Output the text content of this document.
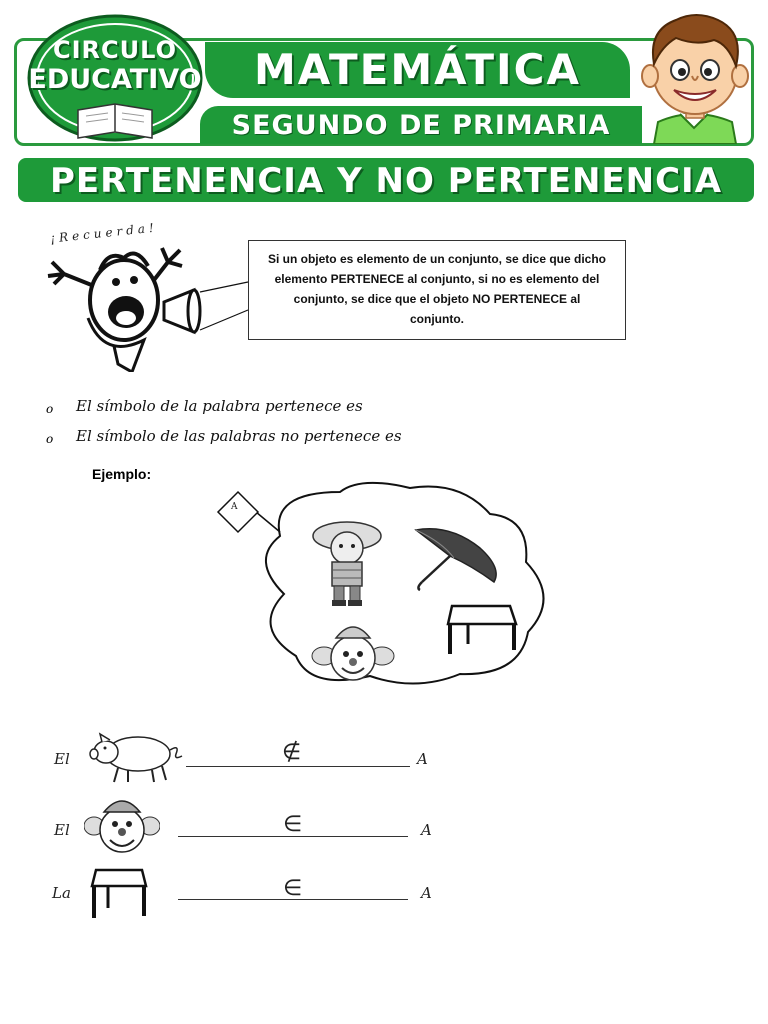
CIRCULO
EDUCATIVO	MATEMÁTICA
SEGUNDO DE PRIMARIA
PERTENENCIA Y NO PERTENENCIA
¡Recuerda!
Si un objeto es elemento de un conjunto, se dice que dicho elemento PERTENECE al conjunto, si no es elemento del conjunto, se dice que el objeto NO PERTENECE al conjunto.
o El símbolo de la palabra pertenece es
o El símbolo de las palabras no pertenece es
Ejemplo:
A
El	∉	A
El	∈	A
La	∈	A
